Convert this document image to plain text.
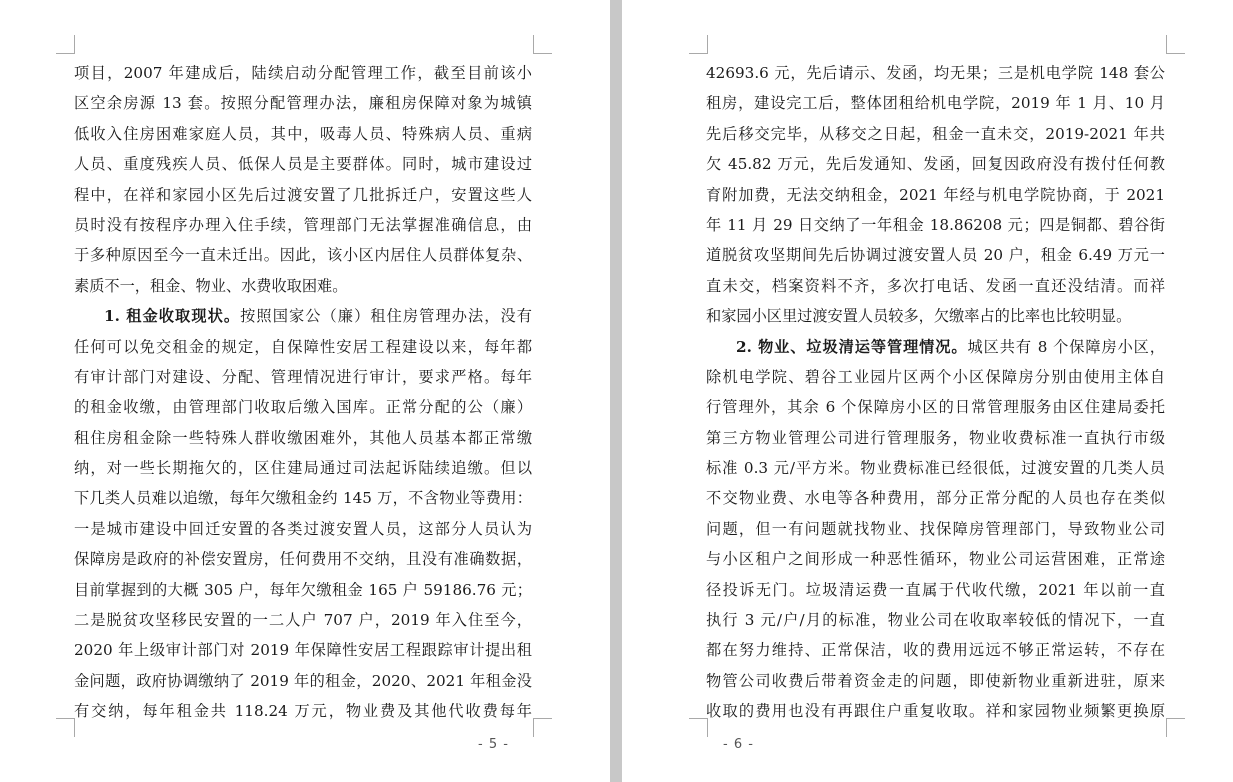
项目，2007 年建成后，陆续启动分配管理工作，截至目前该小
区空余房源 13 套。按照分配管理办法，廉租房保障对象为城镇
低收入住房困难家庭人员，其中，吸毒人员、特殊病人员、重病
人员、重度残疾人员、低保人员是主要群体。同时，城市建设过
程中，在祥和家园小区先后过渡安置了几批拆迁户，安置这些人
员时没有按程序办理入住手续，管理部门无法掌握准确信息，由
于多种原因至今一直未迁出。因此，该小区内居住人员群体复杂、
素质不一，租金、物业、水费收取困难。
1. 租金收取现状。按照国家公（廉）租住房管理办法，没有
任何可以免交租金的规定，自保障性安居工程建设以来，每年都
有审计部门对建设、分配、管理情况进行审计，要求严格。每年
的租金收缴，由管理部门收取后缴入国库。正常分配的公（廉）
租住房租金除一些特殊人群收缴困难外，其他人员基本都正常缴
纳，对一些长期拖欠的，区住建局通过司法起诉陆续追缴。但以
下几类人员难以追缴，每年欠缴租金约 145 万，不含物业等费用：
一是城市建设中回迁安置的各类过渡安置人员，这部分人员认为
保障房是政府的补偿安置房，任何费用不交纳，且没有准确数据，
目前掌握到的大概 305 户，每年欠缴租金 165 户 59186.76 元；
二是脱贫攻坚移民安置的一二人户 707 户，2019 年入住至今，
2020 年上级审计部门对 2019 年保障性安居工程跟踪审计提出租
金问题，政府协调缴纳了 2019 年的租金，2020、2021 年租金没
有交纳，每年租金共 118.24 万元，物业费及其他代收费每年
- 5 -
42693.6 元，先后请示、发函，均无果；三是机电学院 148 套公
租房，建设完工后，整体团租给机电学院，2019 年 1 月、10 月
先后移交完毕，从移交之日起，租金一直未交，2019-2021 年共
欠 45.82 万元，先后发通知、发函，回复因政府没有拨付任何教
育附加费，无法交纳租金，2021 年经与机电学院协商，于 2021
年 11 月 29 日交纳了一年租金 18.86208 元；四是铜都、碧谷街
道脱贫攻坚期间先后协调过渡安置人员 20 户，租金 6.49 万元一
直未交，档案资料不齐，多次打电话、发函一直还没结清。而祥
和家园小区里过渡安置人员较多，欠缴率占的比率也比较明显。
2. 物业、垃圾清运等管理情况。城区共有 8 个保障房小区，
除机电学院、碧谷工业园片区两个小区保障房分别由使用主体自
行管理外，其余 6 个保障房小区的日常管理服务由区住建局委托
第三方物业管理公司进行管理服务，物业收费标准一直执行市级
标准 0.3 元/平方米。物业费标准已经很低，过渡安置的几类人员
不交物业费、水电等各种费用，部分正常分配的人员也存在类似
问题，但一有问题就找物业、找保障房管理部门，导致物业公司
与小区租户之间形成一种恶性循环，物业公司运营困难，正常途
径投诉无门。垃圾清运费一直属于代收代缴，2021 年以前一直
执行 3 元/户/月的标准，物业公司在收取率较低的情况下，一直
都在努力维持、正常保洁，收的费用远远不够正常运转，不存在
物管公司收费后带着资金走的问题，即使新物业重新进驻，原来
收取的费用也没有再跟住户重复收取。祥和家园物业频繁更换原
- 6 -
